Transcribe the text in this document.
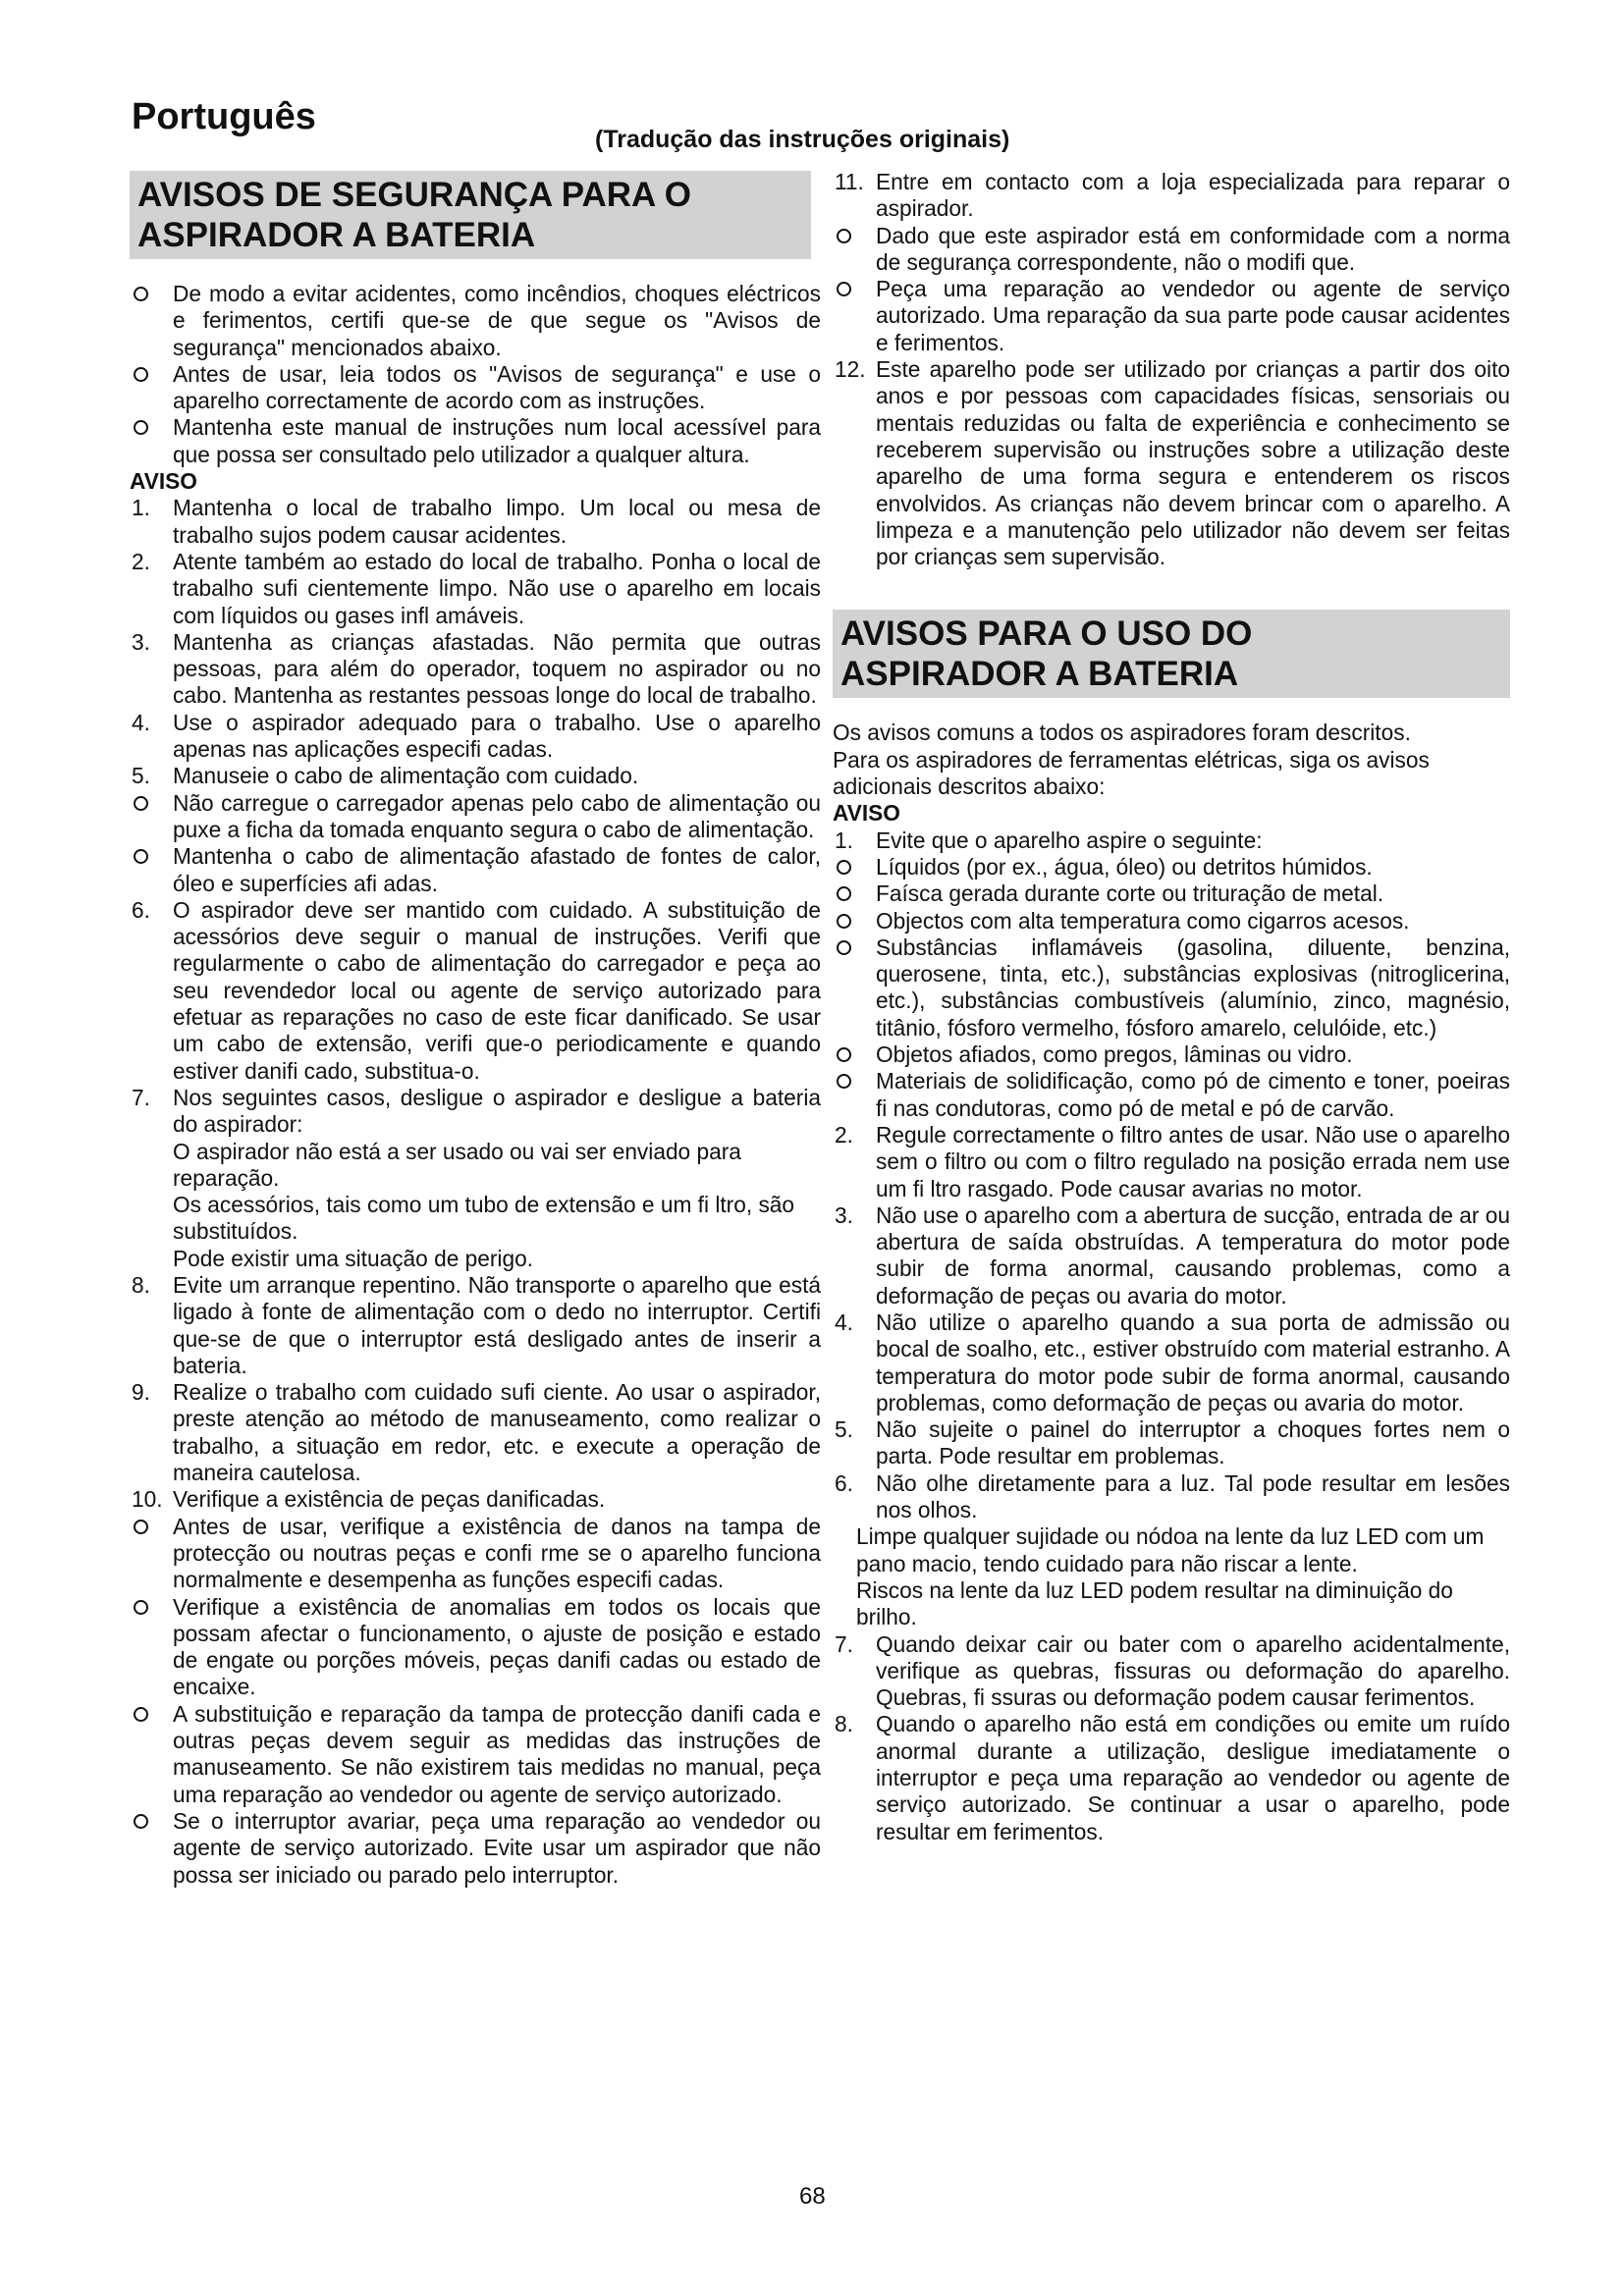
Português
(Tradução das instruções originais)
AVISOS DE SEGURANÇA PARA O
ASPIRADOR A BATERIA
De modo a evitar acidentes, como incêndios, choques eléctricos e ferimentos, certifi que-se de que segue os "Avisos de segurança" mencionados abaixo.
Antes de usar, leia todos os "Avisos de segurança" e use o aparelho correctamente de acordo com as instruções.
Mantenha este manual de instruções num local acessível para que possa ser consultado pelo utilizador a qualquer altura.
AVISO
1.	Mantenha o local de trabalho limpo. Um local ou mesa de trabalho sujos podem causar acidentes.
2.	Atente também ao estado do local de trabalho. Ponha o local de trabalho sufi cientemente limpo. Não use o aparelho em locais com líquidos ou gases infl amáveis.
3.	Mantenha as crianças afastadas. Não permita que outras pessoas, para além do operador, toquem no aspirador ou no cabo. Mantenha as restantes pessoas longe do local de trabalho.
4.	Use o aspirador adequado para o trabalho. Use o aparelho apenas nas aplicações especifi cadas.
5.	Manuseie o cabo de alimentação com cuidado.
Não carregue o carregador apenas pelo cabo de alimentação ou puxe a ficha da tomada enquanto segura o cabo de alimentação.
Mantenha o cabo de alimentação afastado de fontes de calor, óleo e superfícies afi adas.
6.	O aspirador deve ser mantido com cuidado. A substituição de acessórios deve seguir o manual de instruções. Verifi que regularmente o cabo de alimentação do carregador e peça ao seu revendedor local ou agente de serviço autorizado para efetuar as reparações no caso de este ficar danificado. Se usar um cabo de extensão, verifi que-o periodicamente e quando estiver danifi cado, substitua-o.
7.	Nos seguintes casos, desligue o aspirador e desligue a bateria do aspirador:
O aspirador não está a ser usado ou vai ser enviado para reparação.
Os acessórios, tais como um tubo de extensão e um fi ltro, são substituídos.
Pode existir uma situação de perigo.
8.	Evite um arranque repentino. Não transporte o aparelho que está ligado à fonte de alimentação com o dedo no interruptor. Certifi que-se de que o interruptor está desligado antes de inserir a bateria.
9.	Realize o trabalho com cuidado sufi ciente. Ao usar o aspirador, preste atenção ao método de manuseamento, como realizar o trabalho, a situação em redor, etc. e execute a operação de maneira cautelosa.
10. Verifique a existência de peças danificadas.
Antes de usar, verifique a existência de danos na tampa de protecção ou noutras peças e confi rme se o aparelho funciona normalmente e desempenha as funções especifi cadas.
Verifique a existência de anomalias em todos os locais que possam afectar o funcionamento, o ajuste de posição e estado de engate ou porções móveis, peças danifi cadas ou estado de encaixe.
A substituição e reparação da tampa de protecção danifi cada e outras peças devem seguir as medidas das instruções de manuseamento. Se não existirem tais medidas no manual, peça uma reparação ao vendedor ou agente de serviço autorizado.
Se o interruptor avariar, peça uma reparação ao vendedor ou agente de serviço autorizado. Evite usar um aspirador que não possa ser iniciado ou parado pelo interruptor.
11. Entre em contacto com a loja especializada para reparar o aspirador.
Dado que este aspirador está em conformidade com a norma de segurança correspondente, não o modifi que.
Peça uma reparação ao vendedor ou agente de serviço autorizado. Uma reparação da sua parte pode causar acidentes e ferimentos.
12. Este aparelho pode ser utilizado por crianças a partir dos oito anos e por pessoas com capacidades físicas, sensoriais ou mentais reduzidas ou falta de experiência e conhecimento se receberem supervisão ou instruções sobre a utilização deste aparelho de uma forma segura e entenderem os riscos envolvidos. As crianças não devem brincar com o aparelho. A limpeza e a manutenção pelo utilizador não devem ser feitas por crianças sem supervisão.
AVISOS PARA O USO DO
ASPIRADOR A BATERIA
Os avisos comuns a todos os aspiradores foram descritos.
Para os aspiradores de ferramentas elétricas, siga os avisos adicionais descritos abaixo:
AVISO
1.	Evite que o aparelho aspire o seguinte:
Líquidos (por ex., água, óleo) ou detritos húmidos.
Faísca gerada durante corte ou trituração de metal.
Objectos com alta temperatura como cigarros acesos.
Substâncias inflamáveis (gasolina, diluente, benzina, querosene, tinta, etc.), substâncias explosivas (nitroglicerina, etc.), substâncias combustíveis (alumínio, zinco, magnésio, titânio, fósforo vermelho, fósforo amarelo, celulóide, etc.)
Objetos afiados, como pregos, lâminas ou vidro.
Materiais de solidificação, como pó de cimento e toner, poeiras fi nas condutoras, como pó de metal e pó de carvão.
2.	Regule correctamente o filtro antes de usar. Não use o aparelho sem o filtro ou com o filtro regulado na posição errada nem use um fi ltro rasgado. Pode causar avarias no motor.
3.	Não use o aparelho com a abertura de sucção, entrada de ar ou abertura de saída obstruídas. A temperatura do motor pode subir de forma anormal, causando problemas, como a deformação de peças ou avaria do motor.
4.	Não utilize o aparelho quando a sua porta de admissão ou bocal de soalho, etc., estiver obstruído com material estranho. A temperatura do motor pode subir de forma anormal, causando problemas, como deformação de peças ou avaria do motor.
5.	Não sujeite o painel do interruptor a choques fortes nem o parta. Pode resultar em problemas.
6.	Não olhe diretamente para a luz. Tal pode resultar em lesões nos olhos.
Limpe qualquer sujidade ou nódoa na lente da luz LED com um pano macio, tendo cuidado para não riscar a lente.
Riscos na lente da luz LED podem resultar na diminuição do brilho.
7.	Quando deixar cair ou bater com o aparelho acidentalmente, verifique as quebras, fissuras ou deformação do aparelho. Quebras, fi ssuras ou deformação podem causar ferimentos.
8.	Quando o aparelho não está em condições ou emite um ruído anormal durante a utilização, desligue imediatamente o interruptor e peça uma reparação ao vendedor ou agente de serviço autorizado. Se continuar a usar o aparelho, pode resultar em ferimentos.
68
